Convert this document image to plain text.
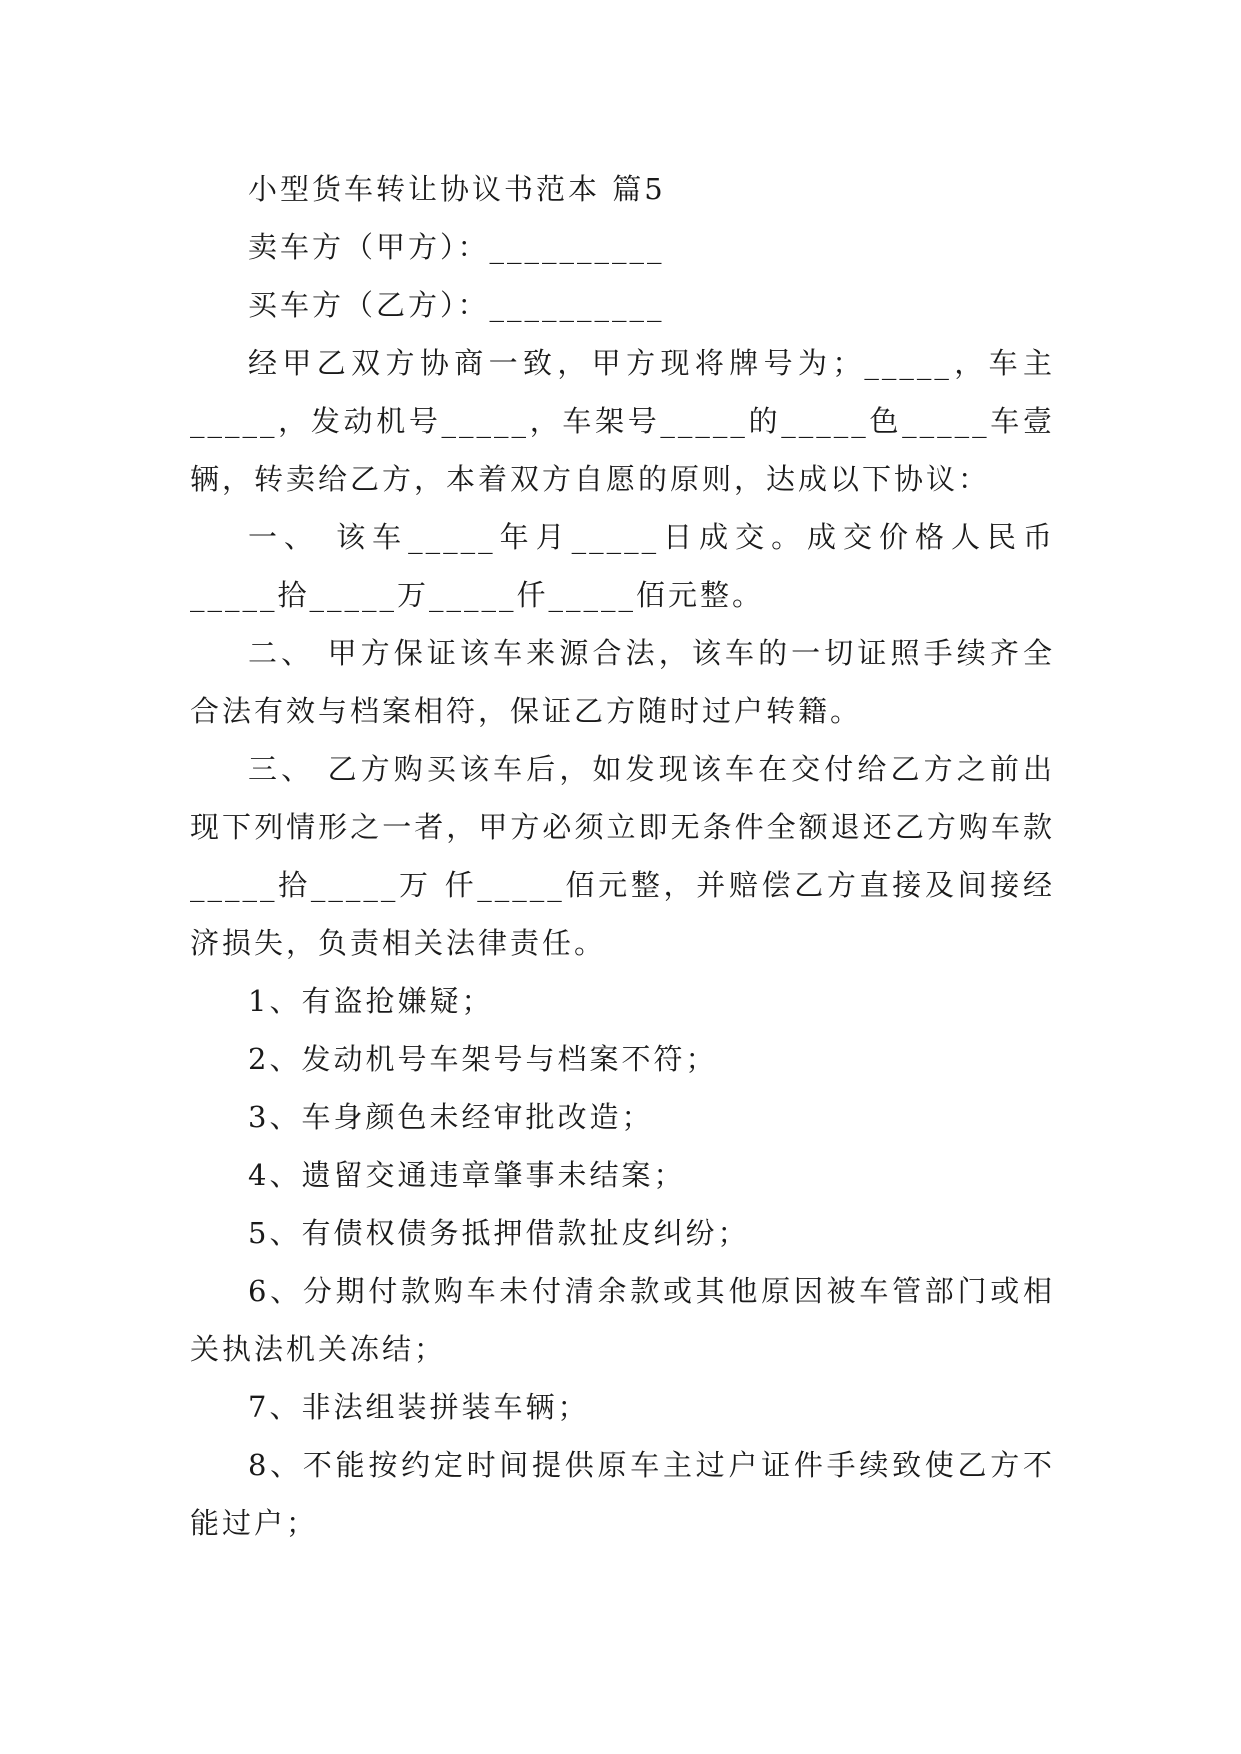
小型货车转让协议书范本 篇5

卖车方（甲方）：__________

买车方（乙方）：__________

经甲乙双方协商一致，甲方现将牌号为；_____，车主_____，发动机号_____，车架号_____的_____色_____车壹辆，转卖给乙方，本着双方自愿的原则，达成以下协议：

一、 该车_____年月_____日成交。成交价格人民币_____拾_____万_____仟_____佰元整。

二、 甲方保证该车来源合法，该车的一切证照手续齐全合法有效与档案相符，保证乙方随时过户转籍。

三、 乙方购买该车后，如发现该车在交付给乙方之前出现下列情形之一者，甲方必须立即无条件全额退还乙方购车款_____拾_____万 仟_____佰元整，并赔偿乙方直接及间接经济损失，负责相关法律责任。

1、有盗抢嫌疑；

2、发动机号车架号与档案不符；

3、车身颜色未经审批改造；

4、遗留交通违章肇事未结案；

5、有债权债务抵押借款扯皮纠纷；

6、分期付款购车未付清余款或其他原因被车管部门或相关执法机关冻结；

7、非法组装拼装车辆；

8、不能按约定时间提供原车主过户证件手续致使乙方不能过户；
